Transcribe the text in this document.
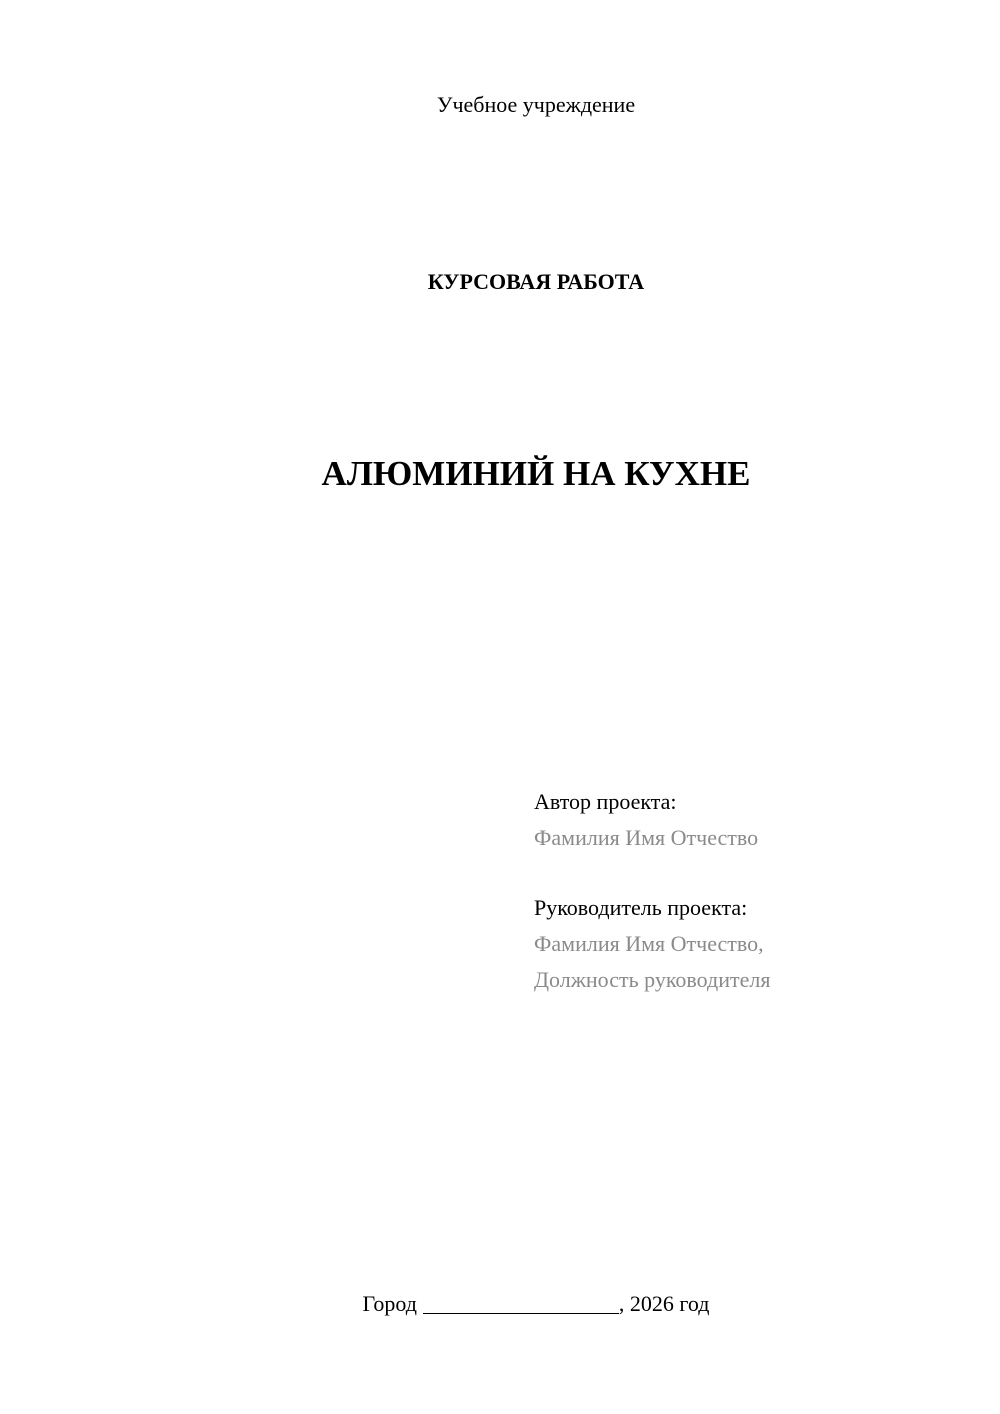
Учебное учреждение
КУРСОВАЯ РАБОТА
АЛЮМИНИЙ НА КУХНЕ
Автор проекта:
Фамилия Имя Отчество
Руководитель проекта:
Фамилия Имя Отчество,
Должность руководителя
Город	, 2026 год
